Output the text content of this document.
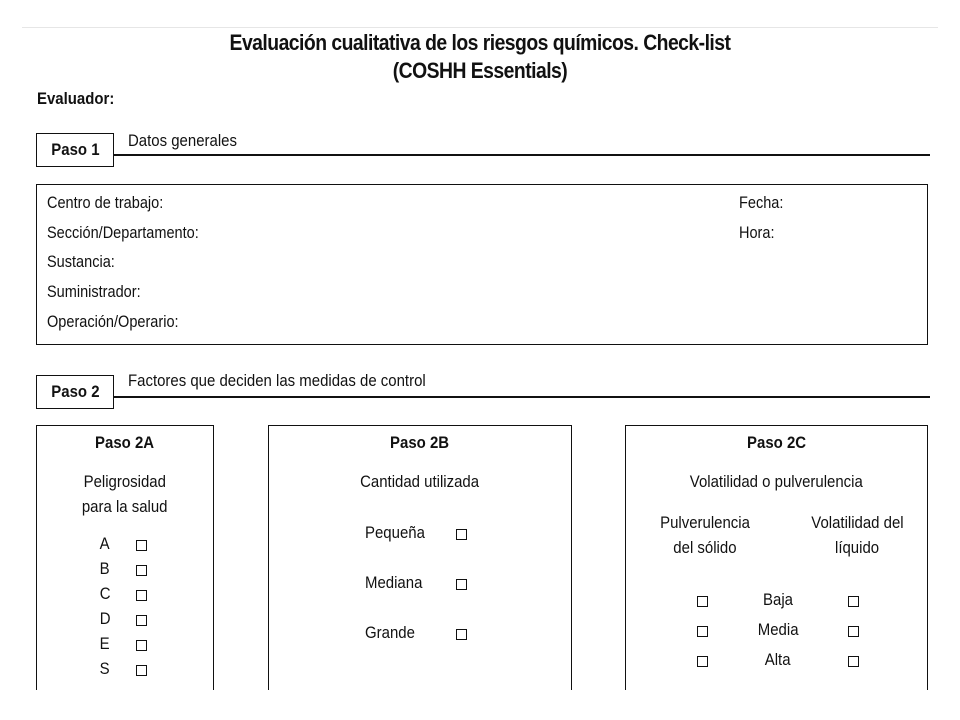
Evaluación cualitativa de los riesgos químicos. Check-list
(COSHH Essentials)
Evaluador:
Paso 1 Datos generales
Centro de trabajo:
Sección/Departamento:
Sustancia:
Suministrador:
Operación/Operario:
Fecha:
Hora:
Paso 2
Factores que deciden las medidas de control
Paso 2A
Peligrosidad
para la salud
A
B
C
D
E
S
Paso 2B
Cantidad utilizada
Pequeña
Mediana
Grande
Paso 2C
Volatilidad o pulverulencia
Pulverulencia
del sólido
Volatilidad del
líquido
Baja
Media
Alta
